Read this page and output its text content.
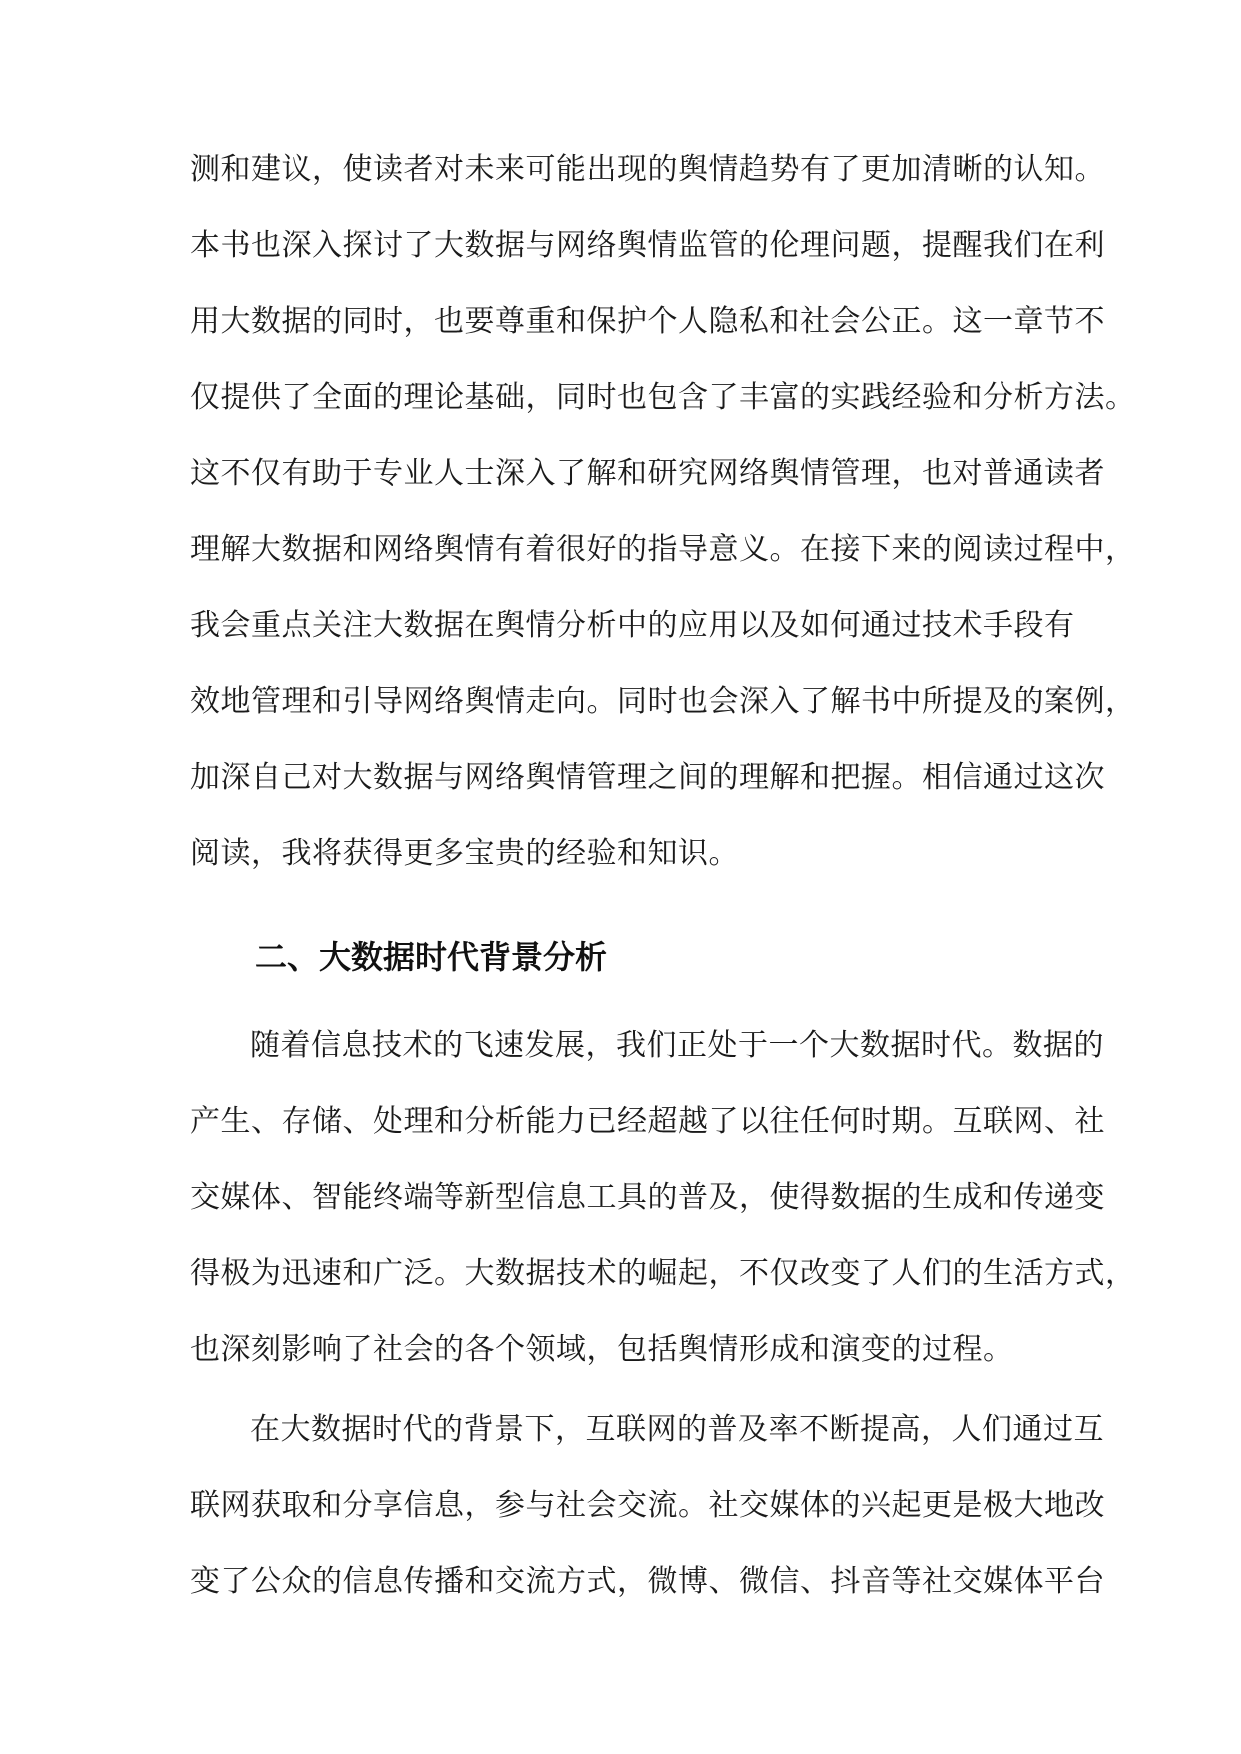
测和建议，使读者对未来可能出现的舆情趋势有了更加清晰的认知。
本书也深入探讨了大数据与网络舆情监管的伦理问题，提醒我们在利
用大数据的同时，也要尊重和保护个人隐私和社会公正。这一章节不
仅提供了全面的理论基础，同时也包含了丰富的实践经验和分析方法。
这不仅有助于专业人士深入了解和研究网络舆情管理，也对普通读者
理解大数据和网络舆情有着很好的指导意义。在接下来的阅读过程中，
我会重点关注大数据在舆情分析中的应用以及如何通过技术手段有
效地管理和引导网络舆情走向。同时也会深入了解书中所提及的案例，
加深自己对大数据与网络舆情管理之间的理解和把握。相信通过这次
阅读，我将获得更多宝贵的经验和知识。
二、大数据时代背景分析
随着信息技术的飞速发展，我们正处于一个大数据时代。数据的
产生、存储、处理和分析能力已经超越了以往任何时期。互联网、社
交媒体、智能终端等新型信息工具的普及，使得数据的生成和传递变
得极为迅速和广泛。大数据技术的崛起，不仅改变了人们的生活方式，
也深刻影响了社会的各个领域，包括舆情形成和演变的过程。
在大数据时代的背景下，互联网的普及率不断提高，人们通过互
联网获取和分享信息，参与社会交流。社交媒体的兴起更是极大地改
变了公众的信息传播和交流方式，微博、微信、抖音等社交媒体平台
